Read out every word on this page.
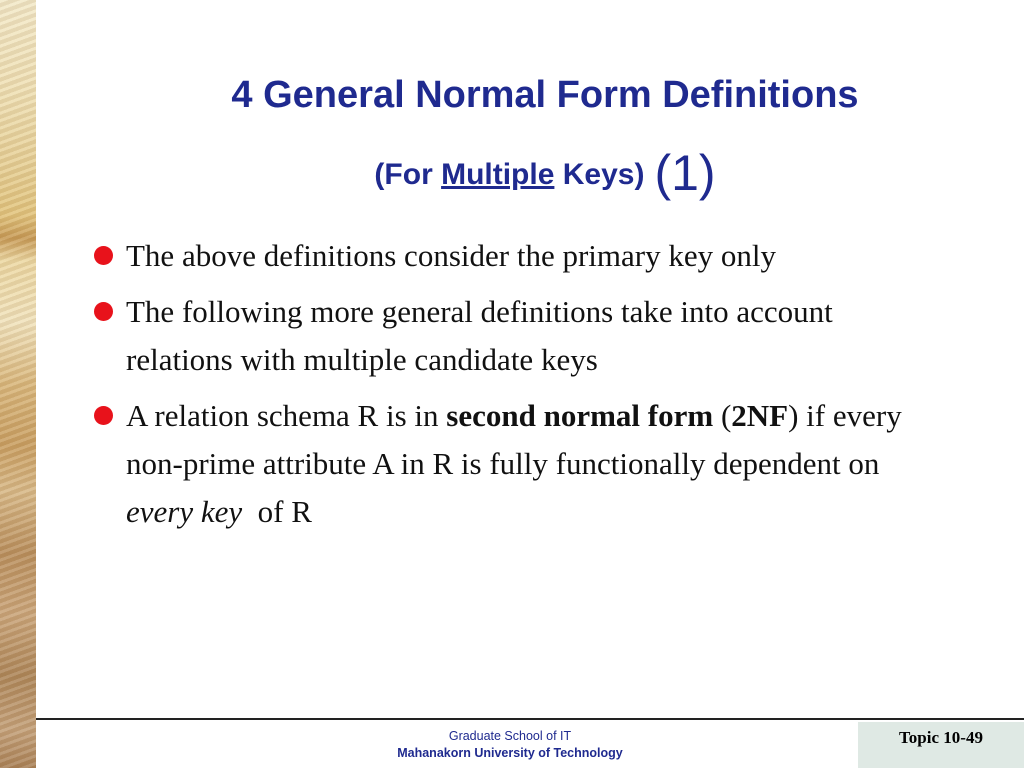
4 General Normal Form Definitions
(For Multiple Keys) (1)
The above definitions consider the primary key only
The following more general definitions take into account relations with multiple candidate keys
A relation schema R is in second normal form (2NF) if every non-prime attribute A in R is fully functionally dependent on every key  of R
Graduate School of IT
Mahanakorn University of Technology
Topic 10-49
